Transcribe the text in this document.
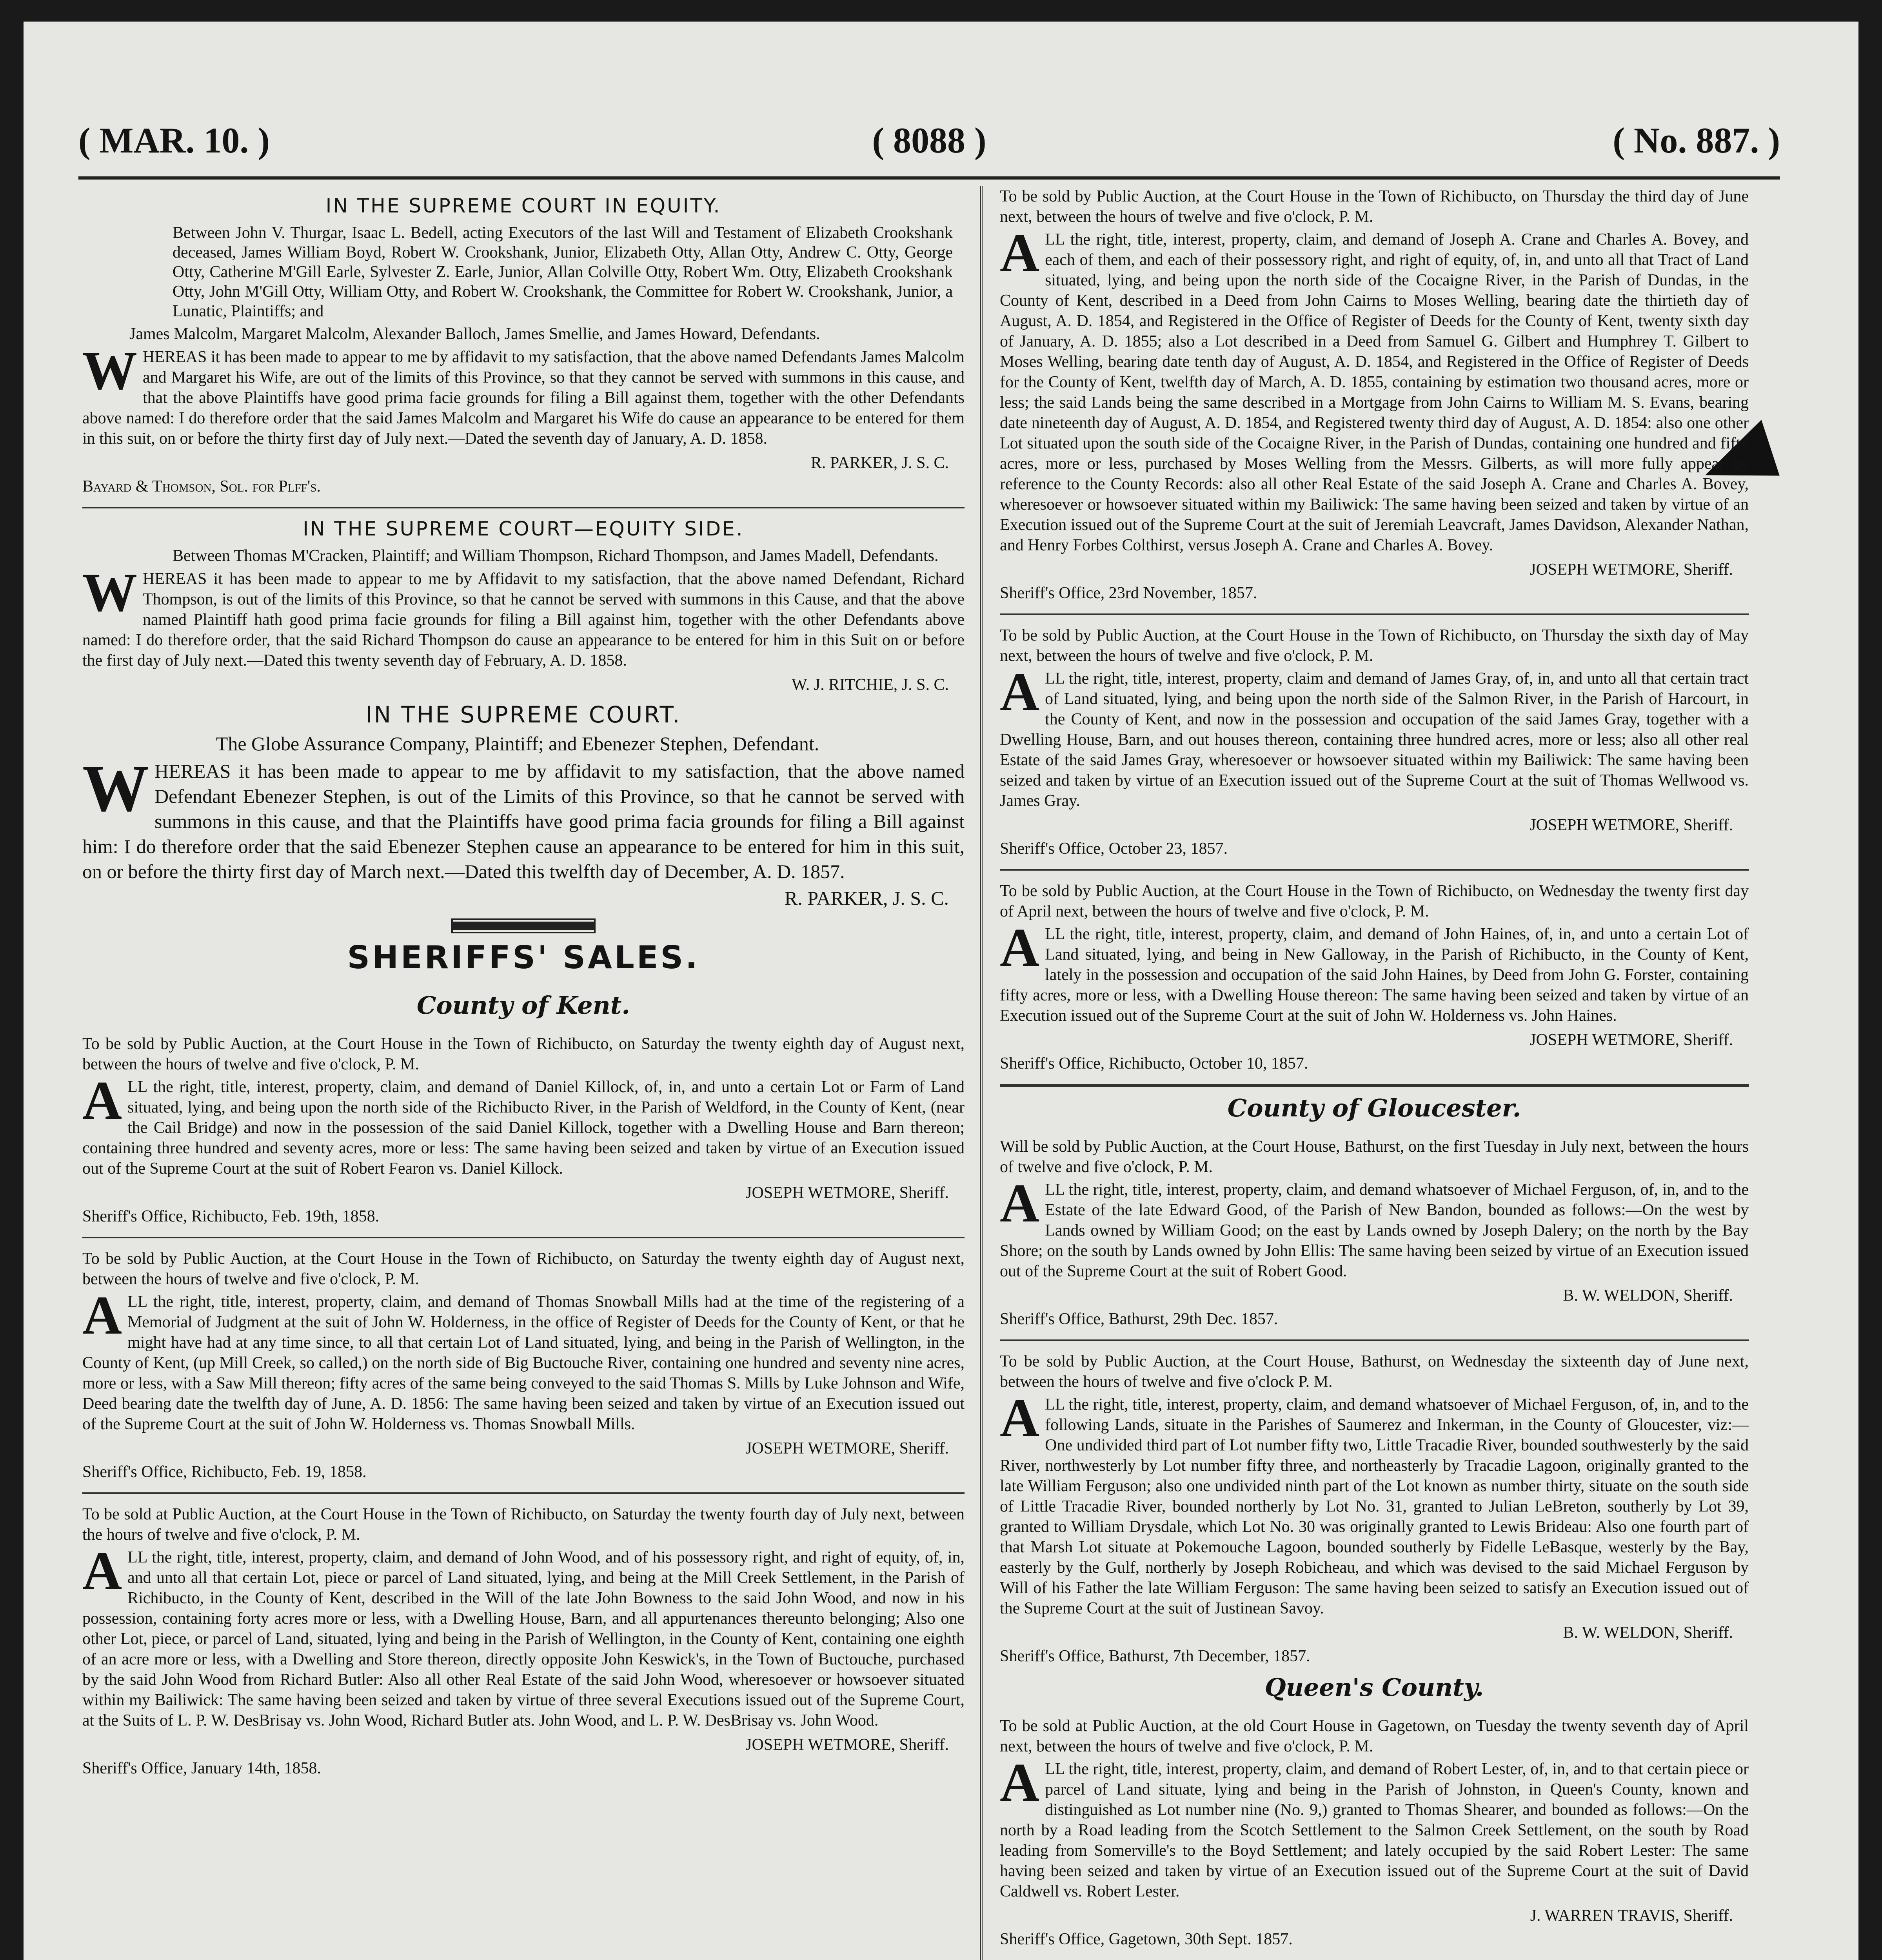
( MAR. 10. )	( 8088 )	( No. 887. )
IN THE SUPREME COURT IN EQUITY.

Between John V. Thurgar, Isaac L. Bedell, acting Executors of the last Will and Testament of Elizabeth Crookshank deceased, James William Boyd, Robert W. Crookshank, Junior, Elizabeth Otty, Allan Otty, Andrew C. Otty, George Otty, Catherine M'Gill Earle, Sylvester Z. Earle, Junior, Allan Colville Otty, Robert Wm. Otty, Elizabeth Crookshank Otty, John M'Gill Otty, William Otty, and Robert W. Crookshank, the Committee for Robert W. Crookshank, Junior, a Lunatic, Plaintiffs; and

James Malcolm, Margaret Malcolm, Alexander Balloch, James Smellie, and James Howard, Defendants.

WHEREAS it has been made to appear to me by affidavit to my satisfaction, that the above named Defendants James Malcolm and Margaret his Wife, are out of the limits of this Province, so that they cannot be served with summons in this cause, and that the above Plaintiffs have good prima facie grounds for filing a Bill against them, together with the other Defendants above named: I do therefore order that the said James Malcolm and Margaret his Wife do cause an appearance to be entered for them in this suit, on or before the thirty first day of July next.—Dated the seventh day of January, A. D. 1858.

R. PARKER, J. S. C.

Bayard & Thomson, Sol. for Plff's.

IN THE SUPREME COURT—EQUITY SIDE.

Between Thomas M'Cracken, Plaintiff; and William Thompson, Richard Thompson, and James Madell, Defendants.

WHEREAS it has been made to appear to me by Affidavit to my satisfaction, that the above named Defendant, Richard Thompson, is out of the limits of this Province, so that he cannot be served with summons in this Cause, and that the above named Plaintiff hath good prima facie grounds for filing a Bill against him, together with the other Defendants above named: I do therefore order, that the said Richard Thompson do cause an appearance to be entered for him in this Suit on or before the first day of July next.—Dated this twenty seventh day of February, A. D. 1858.

W. J. RITCHIE, J. S. C.
IN THE SUPREME COURT.

The Globe Assurance Company, Plaintiff; and Ebenezer Stephen, Defendant.

WHEREAS it has been made to appear to me by affidavit to my satisfaction, that the above named Defendant Ebenezer Stephen, is out of the Limits of this Province, so that he cannot be served with summons in this cause, and that the Plaintiffs have good prima facia grounds for filing a Bill against him: I do therefore order that the said Ebenezer Stephen cause an appearance to be entered for him in this suit, on or before the thirty first day of March next.—Dated this twelfth day of December, A. D. 1857.

R. PARKER, J. S. C.
SHERIFFS' SALES.
County of Kent.

To be sold by Public Auction, at the Court House in the Town of Richibucto, on Saturday the twenty eighth day of August next, between the hours of twelve and five o'clock, P. M.

ALL the right, title, interest, property, claim, and demand of Daniel Killock, of, in, and unto a certain Lot or Farm of Land situated, lying, and being upon the north side of the Richibucto River, in the Parish of Weldford, in the County of Kent, (near the Cail Bridge) and now in the possession of the said Daniel Killock, together with a Dwelling House and Barn thereon; containing three hundred and seventy acres, more or less: The same having been seized and taken by virtue of an Execution issued out of the Supreme Court at the suit of Robert Fearon vs. Daniel Killock.

JOSEPH WETMORE, Sheriff.

Sheriff's Office, Richibucto, Feb. 19th, 1858.

To be sold by Public Auction, at the Court House in the Town of Richibucto, on Saturday the twenty eighth day of August next, between the hours of twelve and five o'clock, P. M.

ALL the right, title, interest, property, claim, and demand of Thomas Snowball Mills had at the time of the registering of a Memorial of Judgment at the suit of John W. Holderness, in the office of Register of Deeds for the County of Kent, or that he might have had at any time since, to all that certain Lot of Land situated, lying, and being in the Parish of Wellington, in the County of Kent, (up Mill Creek, so called,) on the north side of Big Buctouche River, containing one hundred and seventy nine acres, more or less, with a Saw Mill thereon; fifty acres of the same being conveyed to the said Thomas S. Mills by Luke Johnson and Wife, Deed bearing date the twelfth day of June, A. D. 1856: The same having been seized and taken by virtue of an Execution issued out of the Supreme Court at the suit of John W. Holderness vs. Thomas Snowball Mills.

JOSEPH WETMORE, Sheriff.

Sheriff's Office, Richibucto, Feb. 19, 1858.

To be sold at Public Auction, at the Court House in the Town of Richibucto, on Saturday the twenty fourth day of July next, between the hours of twelve and five o'clock, P. M.

ALL the right, title, interest, property, claim, and demand of John Wood, and of his possessory right, and right of equity, of, in, and unto all that certain Lot, piece or parcel of Land situated, lying, and being at the Mill Creek Settlement, in the Parish of Richibucto, in the County of Kent, described in the Will of the late John Bowness to the said John Wood, and now in his possession, containing forty acres more or less, with a Dwelling House, Barn, and all appurtenances thereunto belonging; Also one other Lot, piece, or parcel of Land, situated, lying and being in the Parish of Wellington, in the County of Kent, containing one eighth of an acre more or less, with a Dwelling and Store thereon, directly opposite John Keswick's, in the Town of Buctouche, purchased by the said John Wood from Richard Butler: Also all other Real Estate of the said John Wood, wheresoever or howsoever situated within my Bailiwick: The same having been seized and taken by virtue of three several Executions issued out of the Supreme Court, at the Suits of L. P. W. DesBrisay vs. John Wood, Richard Butler ats. John Wood, and L. P. W. DesBrisay vs. John Wood.

JOSEPH WETMORE, Sheriff.

Sheriff's Office, January 14th, 1858.

To be sold by Public Auction, at the Court House in the Town of Richibucto, on Thursday the third day of June next, between the hours of twelve and five o'clock, P. M.

ALL the right, title, interest, property, claim, and demand of Joseph A. Crane and Charles A. Bovey, and each of them, and each of their possessory right, and right of equity, of, in, and unto all that Tract of Land situated, lying, and being upon the north side of the Cocaigne River, in the Parish of Dundas, in the County of Kent, described in a Deed from John Cairns to Moses Welling, bearing date the thirtieth day of August, A. D. 1854, and Registered in the Office of Register of Deeds for the County of Kent, twenty sixth day of January, A. D. 1855; also a Lot described in a Deed from Samuel G. Gilbert and Humphrey T. Gilbert to Moses Welling, bearing date tenth day of August, A. D. 1854, and Registered in the Office of Register of Deeds for the County of Kent, twelfth day of March, A. D. 1855, containing by estimation two thousand acres, more or less; the said Lands being the same described in a Mortgage from John Cairns to William M. S. Evans, bearing date nineteenth day of August, A. D. 1854, and Registered twenty third day of August, A. D. 1854: also one other Lot situated upon the south side of the Cocaigne River, in the Parish of Dundas, containing one hundred and fifty acres, more or less, purchased by Moses Welling from the Messrs. Gilberts, as will more fully appear by reference to the County Records: also all other Real Estate of the said Joseph A. Crane and Charles A. Bovey, wheresoever or howsoever situated within my Bailiwick: The same having been seized and taken by virtue of an Execution issued out of the Supreme Court at the suit of Jeremiah Leavcraft, James Davidson, Alexander Nathan, and Henry Forbes Colthirst, versus Joseph A. Crane and Charles A. Bovey.

JOSEPH WETMORE, Sheriff.

Sheriff's Office, 23rd November, 1857.

To be sold by Public Auction, at the Court House in the Town of Richibucto, on Thursday the sixth day of May next, between the hours of twelve and five o'clock, P. M.

ALL the right, title, interest, property, claim and demand of James Gray, of, in, and unto all that certain tract of Land situated, lying, and being upon the north side of the Salmon River, in the Parish of Harcourt, in the County of Kent, and now in the possession and occupation of the said James Gray, together with a Dwelling House, Barn, and out houses thereon, containing three hundred acres, more or less; also all other real Estate of the said James Gray, wheresoever or howsoever situated within my Bailiwick: The same having been seized and taken by virtue of an Execution issued out of the Supreme Court at the suit of Thomas Wellwood vs. James Gray.

JOSEPH WETMORE, Sheriff.

Sheriff's Office, October 23, 1857.

To be sold by Public Auction, at the Court House in the Town of Richibucto, on Wednesday the twenty first day of April next, between the hours of twelve and five o'clock, P. M.

ALL the right, title, interest, property, claim, and demand of John Haines, of, in, and unto a certain Lot of Land situated, lying, and being in New Galloway, in the Parish of Richibucto, in the County of Kent, lately in the possession and occupation of the said John Haines, by Deed from John G. Forster, containing fifty acres, more or less, with a Dwelling House thereon: The same having been seized and taken by virtue of an Execution issued out of the Supreme Court at the suit of John W. Holderness vs. John Haines.

JOSEPH WETMORE, Sheriff.

Sheriff's Office, Richibucto, October 10, 1857.

County of Gloucester.

Will be sold by Public Auction, at the Court House, Bathurst, on the first Tuesday in July next, between the hours of twelve and five o'clock, P. M.

ALL the right, title, interest, property, claim, and demand whatsoever of Michael Ferguson, of, in, and to the Estate of the late Edward Good, of the Parish of New Bandon, bounded as follows:—On the west by Lands owned by William Good; on the east by Lands owned by Joseph Dalery; on the north by the Bay Shore; on the south by Lands owned by John Ellis: The same having been seized by virtue of an Execution issued out of the Supreme Court at the suit of Robert Good.

B. W. WELDON, Sheriff.

Sheriff's Office, Bathurst, 29th Dec. 1857.

To be sold by Public Auction, at the Court House, Bathurst, on Wednesday the sixteenth day of June next, between the hours of twelve and five o'clock P. M.

ALL the right, title, interest, property, claim, and demand whatsoever of Michael Ferguson, of, in, and to the following Lands, situate in the Parishes of Saumerez and Inkerman, in the County of Gloucester, viz:—One undivided third part of Lot number fifty two, Little Tracadie River, bounded southwesterly by the said River, northwesterly by Lot number fifty three, and northeasterly by Tracadie Lagoon, originally granted to the late William Ferguson; also one undivided ninth part of the Lot known as number thirty, situate on the south side of Little Tracadie River, bounded northerly by Lot No. 31, granted to Julian LeBreton, southerly by Lot 39, granted to William Drysdale, which Lot No. 30 was originally granted to Lewis Brideau: Also one fourth part of that Marsh Lot situate at Pokemouche Lagoon, bounded southerly by Fidelle LeBasque, westerly by the Bay, easterly by the Gulf, northerly by Joseph Robicheau, and which was devised to the said Michael Ferguson by Will of his Father the late William Ferguson: The same having been seized to satisfy an Execution issued out of the Supreme Court at the suit of Justinean Savoy.

B. W. WELDON, Sheriff.

Sheriff's Office, Bathurst, 7th December, 1857.

Queen's County.

To be sold at Public Auction, at the old Court House in Gagetown, on Tuesday the twenty seventh day of April next, between the hours of twelve and five o'clock, P. M.

ALL the right, title, interest, property, claim, and demand of Robert Lester, of, in, and to that certain piece or parcel of Land situate, lying and being in the Parish of Johnston, in Queen's County, known and distinguished as Lot number nine (No. 9,) granted to Thomas Shearer, and bounded as follows:—On the north by a Road leading from the Scotch Settlement to the Salmon Creek Settlement, on the south by Road leading from Somerville's to the Boyd Settlement; and lately occupied by the said Robert Lester: The same having been seized and taken by virtue of an Execution issued out of the Supreme Court at the suit of David Caldwell vs. Robert Lester.

J. WARREN TRAVIS, Sheriff.

Sheriff's Office, Gagetown, 30th Sept. 1857.
